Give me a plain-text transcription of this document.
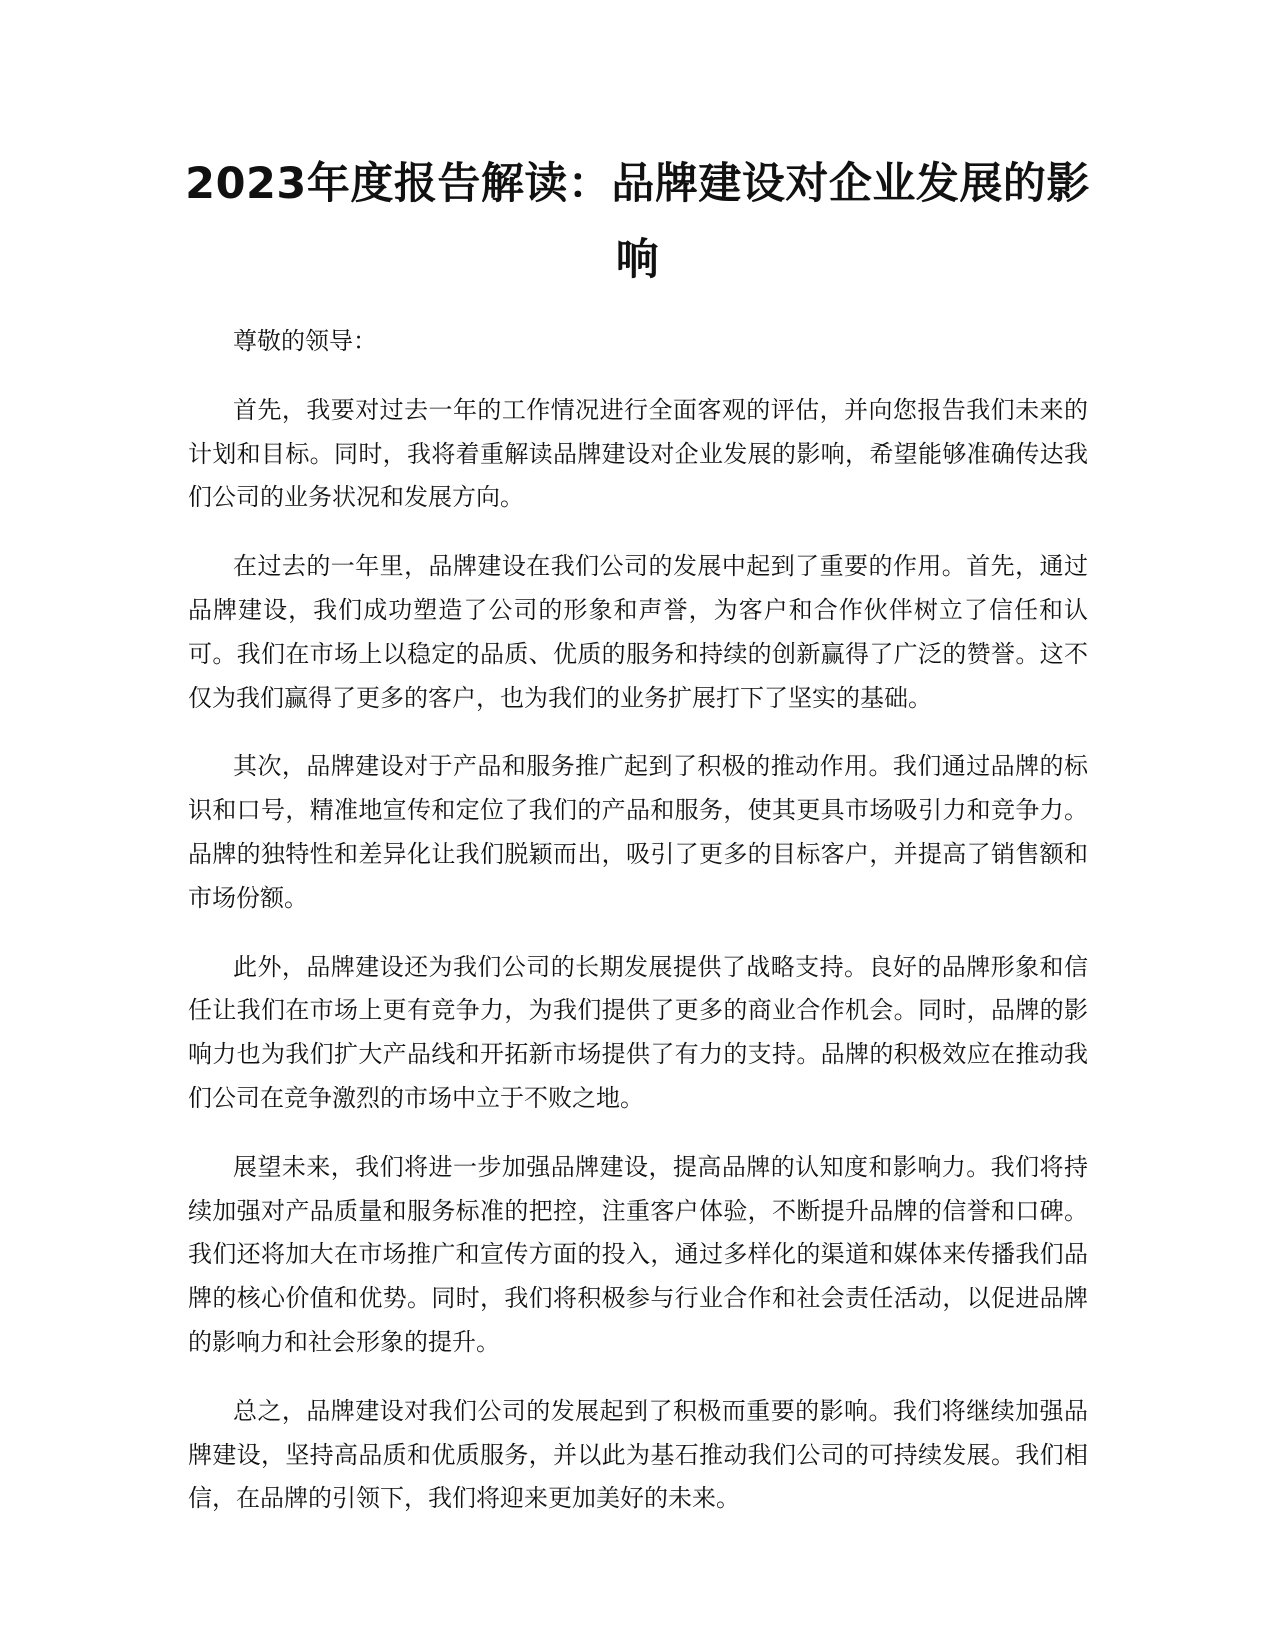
2023年度报告解读：品牌建设对企业发展的影响

尊敬的领导：

首先，我要对过去一年的工作情况进行全面客观的评估，并向您报告我们未来的计划和目标。同时，我将着重解读品牌建设对企业发展的影响，希望能够准确传达我们公司的业务状况和发展方向。

在过去的一年里，品牌建设在我们公司的发展中起到了重要的作用。首先，通过品牌建设，我们成功塑造了公司的形象和声誉，为客户和合作伙伴树立了信任和认可。我们在市场上以稳定的品质、优质的服务和持续的创新赢得了广泛的赞誉。这不仅为我们赢得了更多的客户，也为我们的业务扩展打下了坚实的基础。

其次，品牌建设对于产品和服务推广起到了积极的推动作用。我们通过品牌的标识和口号，精准地宣传和定位了我们的产品和服务，使其更具市场吸引力和竞争力。品牌的独特性和差异化让我们脱颖而出，吸引了更多的目标客户，并提高了销售额和市场份额。

此外，品牌建设还为我们公司的长期发展提供了战略支持。良好的品牌形象和信任让我们在市场上更有竞争力，为我们提供了更多的商业合作机会。同时，品牌的影响力也为我们扩大产品线和开拓新市场提供了有力的支持。品牌的积极效应在推动我们公司在竞争激烈的市场中立于不败之地。

展望未来，我们将进一步加强品牌建设，提高品牌的认知度和影响力。我们将持续加强对产品质量和服务标准的把控，注重客户体验，不断提升品牌的信誉和口碑。我们还将加大在市场推广和宣传方面的投入，通过多样化的渠道和媒体来传播我们品牌的核心价值和优势。同时，我们将积极参与行业合作和社会责任活动，以促进品牌的影响力和社会形象的提升。

总之，品牌建设对我们公司的发展起到了积极而重要的影响。我们将继续加强品牌建设，坚持高品质和优质服务，并以此为基石推动我们公司的可持续发展。我们相信，在品牌的引领下，我们将迎来更加美好的未来。
